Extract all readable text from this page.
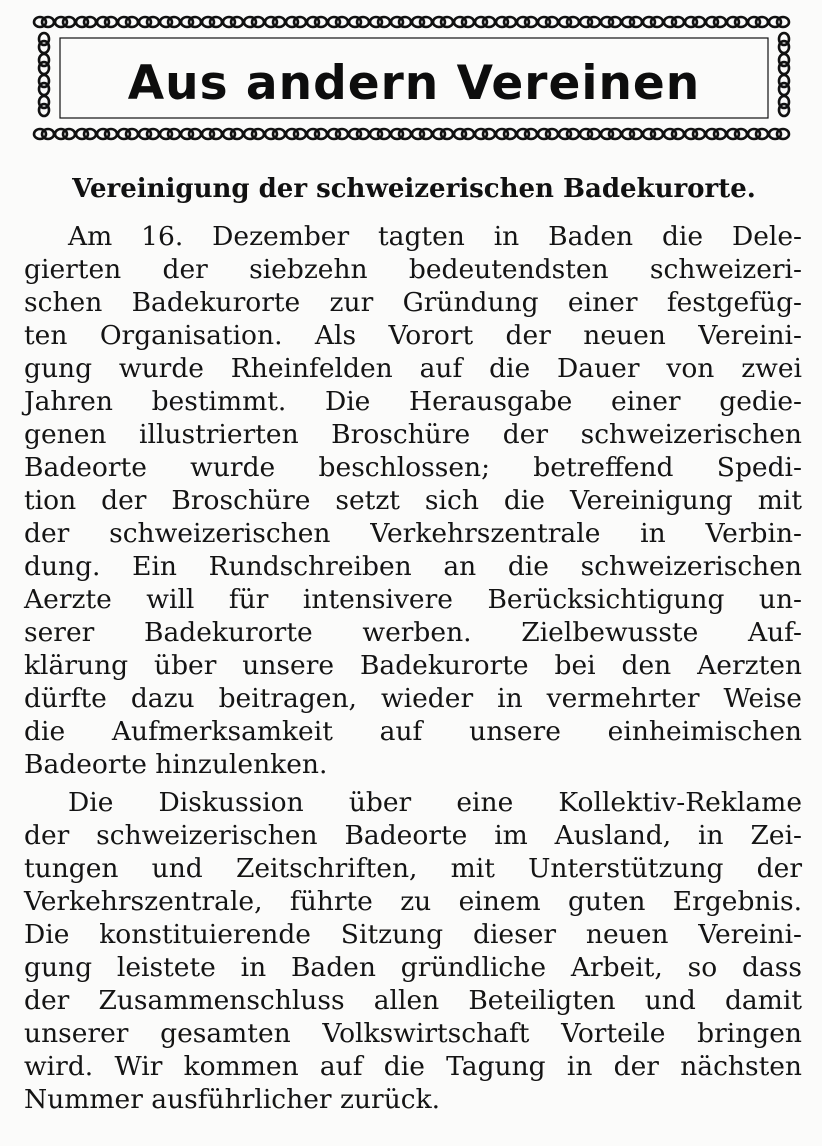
Aus andern Vereinen
Vereinigung der schweizerischen Badekurorte.
Am 16. Dezember tagten in Baden die Dele-
gierten der siebzehn bedeutendsten schweizeri-
schen Badekurorte zur Gründung einer festgefüg-
ten Organisation. Als Vorort der neuen Vereini-
gung wurde Rheinfelden auf die Dauer von zwei
Jahren bestimmt. Die Herausgabe einer gedie-
genen illustrierten Broschüre der schweizerischen
Badeorte wurde beschlossen; betreffend Spedi-
tion der Broschüre setzt sich die Vereinigung mit
der schweizerischen Verkehrszentrale in Verbin-
dung. Ein Rundschreiben an die schweizerischen
Aerzte will für intensivere Berücksichtigung un-
serer Badekurorte werben. Zielbewusste Auf-
klärung über unsere Badekurorte bei den Aerzten
dürfte dazu beitragen, wieder in vermehrter Weise
die Aufmerksamkeit auf unsere einheimischen
Badeorte hinzulenken.
Die Diskussion über eine Kollektiv-Reklame
der schweizerischen Badeorte im Ausland, in Zei-
tungen und Zeitschriften, mit Unterstützung der
Verkehrszentrale, führte zu einem guten Ergebnis.
Die konstituierende Sitzung dieser neuen Vereini-
gung leistete in Baden gründliche Arbeit, so dass
der Zusammenschluss allen Beteiligten und damit
unserer gesamten Volkswirtschaft Vorteile bringen
wird. Wir kommen auf die Tagung in der nächsten
Nummer ausführlicher zurück.
